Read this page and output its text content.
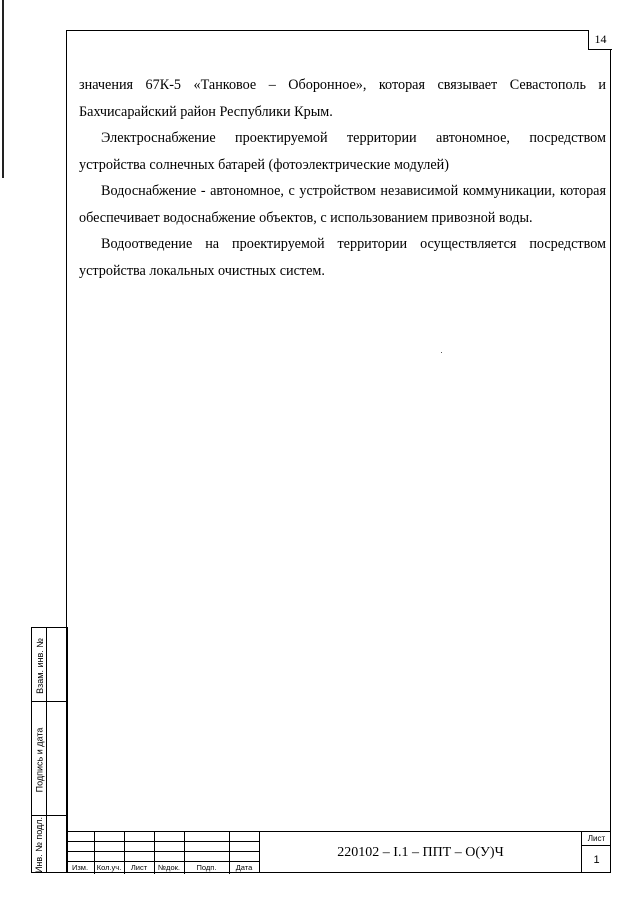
14

значения 67К-5 «Танковое – Оборонное», которая связывает Севастополь и Бахчисарайский район Республики Крым.

Электроснабжение проектируемой территории автономное, посредством устройства солнечных батарей (фотоэлектрические модулей)

Водоснабжение - автономное, с устройством независимой коммуникации, которая обеспечивает водоснабжение объектов, с использованием привозной воды.

Водоотведение на проектируемой территории осуществляется посредством устройства локальных очистных систем.

Взам. инв. №
Подпись и дата
Инв. № подл.	Изм.	Кол.уч.	Лист	№док.	Подп.	Дата
220102 – I.1 – ППТ – О(У)Ч
Лист
1
